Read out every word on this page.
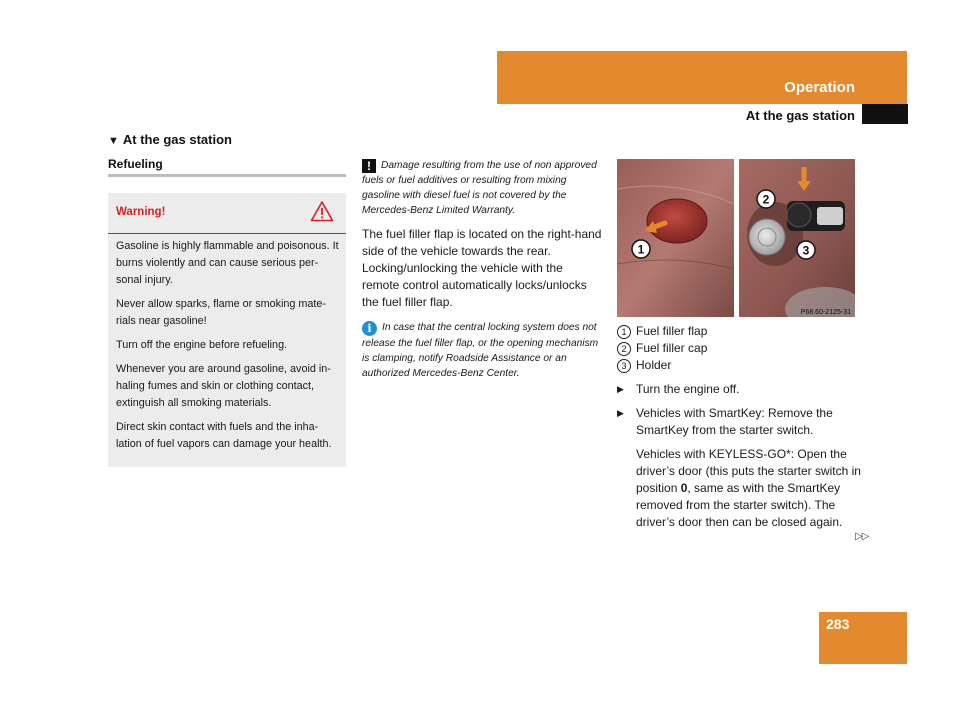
Operation
At the gas station
▼ At the gas station
Refueling
Warning!

Gasoline is highly flammable and poisonous. It burns violently and can cause serious personal injury.

Never allow sparks, flame or smoking materials near gasoline!

Turn off the engine before refueling.

Whenever you are around gasoline, avoid inhaling fumes and skin or clothing contact, extinguish all smoking materials.

Direct skin contact with fuels and the inhalation of fuel vapors can damage your health.

! Damage resulting from the use of non approved fuels or fuel additives or resulting from mixing gasoline with diesel fuel is not covered by the Mercedes-Benz Limited Warranty.
The fuel filler flap is located on the right-hand side of the vehicle towards the rear. Locking/unlocking the vehicle with the remote control automatically locks/unlocks the fuel filler flap.
i In case that the central locking system does not release the fuel filler flap, or the opening mechanism is clamping, notify Roadside Assistance or an authorized Mercedes-Benz Center.
1
2
3
P68.60-2125-31
1 Fuel filler flap
2 Fuel filler cap
3 Holder
▶ Turn the engine off.
▶ Vehicles with SmartKey: Remove the SmartKey from the starter switch.
Vehicles with KEYLESS-GO*: Open the driver’s door (this puts the starter switch in position 0, same as with the SmartKey removed from the starter switch). The driver’s door then can be closed again.
▷▷
283
